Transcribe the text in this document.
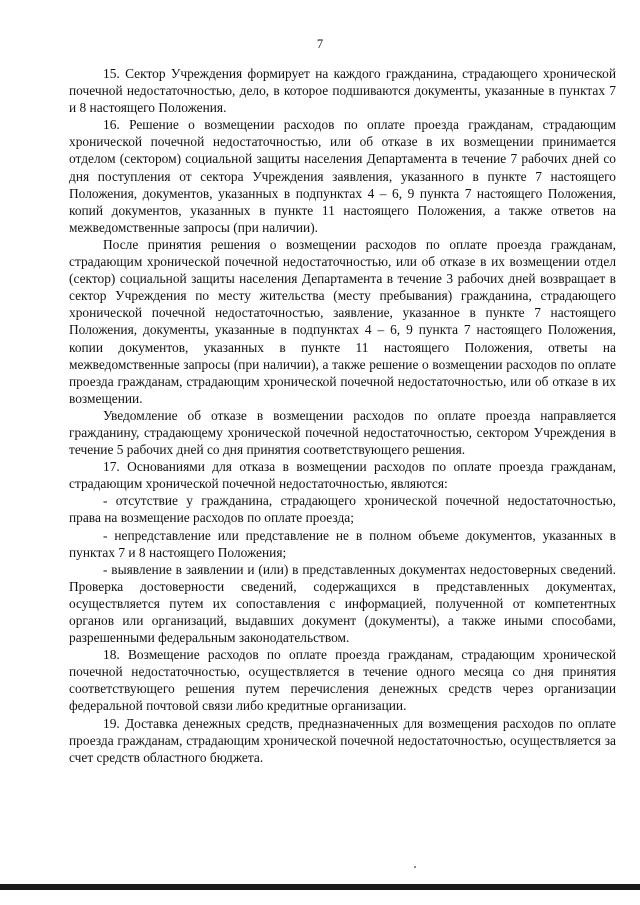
7

15. Сектор Учреждения формирует на каждого гражданина, страдающего хронической почечной недостаточностью, дело, в которое подшиваются документы, указанные в пунктах 7 и 8 настоящего Положения.

16. Решение о возмещении расходов по оплате проезда гражданам, страдающим хронической почечной недостаточностью, или об отказе в их возмещении принимается отделом (сектором) социальной защиты населения Департамента в течение 7 рабочих дней со дня поступления от сектора Учреждения заявления, указанного в пункте 7 настоящего Положения, документов, указанных в подпунктах 4 – 6, 9 пункта 7 настоящего Положения, копий документов, указанных в пункте 11 настоящего Положения, а также ответов на межведомственные запросы (при наличии).

После принятия решения о возмещении расходов по оплате проезда гражданам, страдающим хронической почечной недостаточностью, или об отказе в их возмещении отдел (сектор) социальной защиты населения Департамента в течение 3 рабочих дней возвращает в сектор Учреждения по месту жительства (месту пребывания) гражданина, страдающего хронической почечной недостаточностью, заявление, указанное в пункте 7 настоящего Положения, документы, указанные в подпунктах 4 – 6, 9 пункта 7 настоящего Положения, копии документов, указанных в пункте 11 настоящего Положения, ответы на межведомственные запросы (при наличии), а также решение о возмещении расходов по оплате проезда гражданам, страдающим хронической почечной недостаточностью, или об отказе в их возмещении.

Уведомление об отказе в возмещении расходов по оплате проезда направляется гражданину, страдающему хронической почечной недостаточностью, сектором Учреждения в течение 5 рабочих дней со дня принятия соответствующего решения.

17. Основаниями для отказа в возмещении расходов по оплате проезда гражданам, страдающим хронической почечной недостаточностью, являются:

- отсутствие у гражданина, страдающего хронической почечной недостаточностью, права на возмещение расходов по оплате проезда;

- непредставление или представление не в полном объеме документов, указанных в пунктах 7 и 8 настоящего Положения;

- выявление в заявлении и (или) в представленных документах недостоверных сведений. Проверка достоверности сведений, содержащихся в представленных документах, осуществляется путем их сопоставления с информацией, полученной от компетентных органов или организаций, выдавших документ (документы), а также иными способами, разрешенными федеральным законодательством.

18. Возмещение расходов по оплате проезда гражданам, страдающим хронической почечной недостаточностью, осуществляется в течение одного месяца со дня принятия соответствующего решения путем перечисления денежных средств через организации федеральной почтовой связи либо кредитные организации.

19. Доставка денежных средств, предназначенных для возмещения расходов по оплате проезда гражданам, страдающим хронической почечной недостаточностью, осуществляется за счет средств областного бюджета.
